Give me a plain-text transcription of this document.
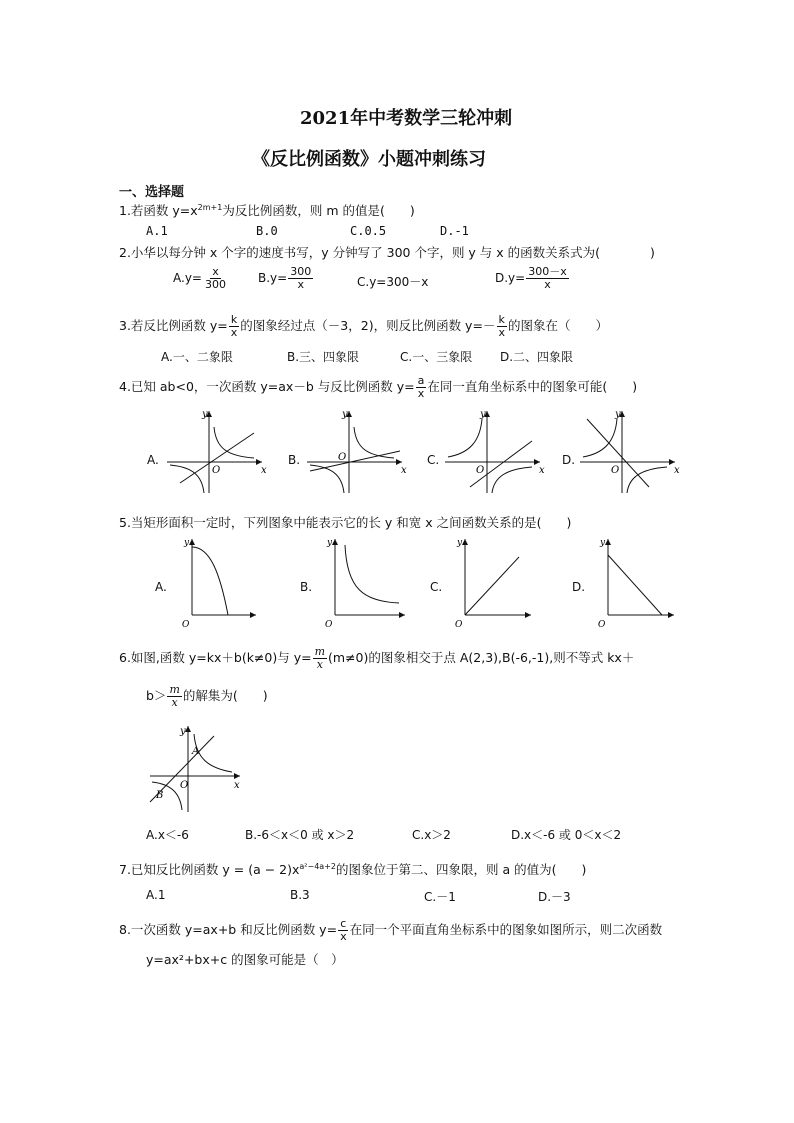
2021年中考数学三轮冲刺
《反比例函数》小题冲刺练习
一、选择题
1.若函数 $y=x^{2m+1}$为反比例函数，则 m 的值是(　　)
A.1	B.0	C.0.5	D.-1
2.小华以每分钟 x 个字的速度书写，y 分钟写了 300 个字，则 y 与 x 的函数关系式为(　　　　)
$A.y= \frac{x}{300}$	$B.y= \frac{300}{x}$	C.y=300－x	$D.y= \frac{300-x}{x}$
3.若反比例函数 $y= \frac{k}{x}$ 的图象经过点（－3，2)，则反比例函数 $y=- \frac{k}{x}$ 的图象在（　　）
A.一、二象限	B.三、四象限	C.一、三象限 D.二、四象限
4.已知 ab<0，一次函数 y=ax－b 与反比例函数 $y= \frac{a}{x}$ 在同一直角坐标系中的图象可能(　　)
A.
y
x
O
B.
y
x
O	C.
y
x
O
D.
y
x
O
5.当矩形面积一定时，下列图象中能表示它的长 y 和宽 x 之间函数关系的是(　　)
A.
y
O
B.
y
O
C.
y
O
D.
y
O
6.如图,函数 y=kx＋b(k≠0)与 $y= \frac{m}{x} (m\ne 0)$的图象相交于点 A(2,3),B(-6,-1),则不等式 kx＋
$b> \frac{m}{x}$ 的解集为(　　)
y
x
O
A
B
A.x＜-6	B.-6＜x＜0 或 x＞2	C.x＞2	D.x＜-6 或 0＜x＜2
7.已知反比例函数 $y = (a - 2)x^{a^2-4a+2}$的图象位于第二、四象限，则 a 的值为(　　)
A.1	B.3	C.－1	D.－3
8.一次函数 y=ax+b 和反比例函数 $y= \frac{c}{x}$ 在同一个平面直角坐标系中的图象如图所示，则二次函数
y=ax²+bx+c 的图象可能是（　）
